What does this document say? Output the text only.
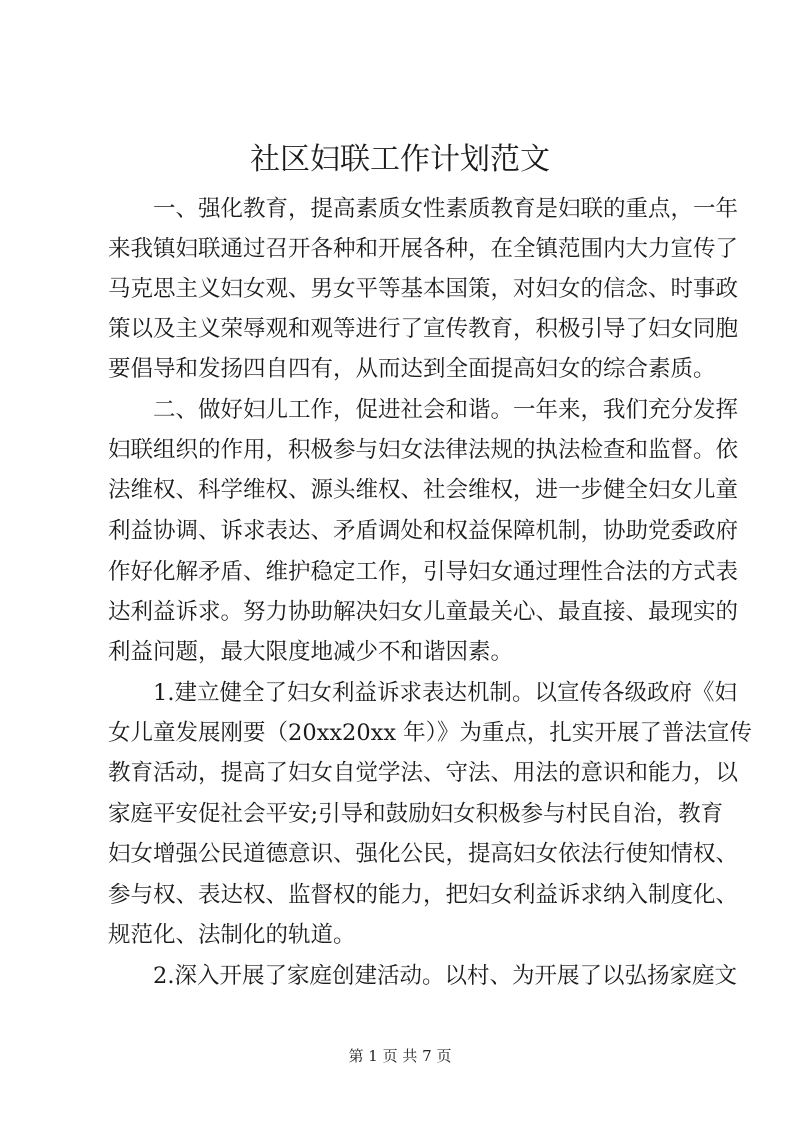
社区妇联工作计划范文
一、强化教育，提高素质女性素质教育是妇联的重点，一年
来我镇妇联通过召开各种和开展各种，在全镇范围内大力宣传了
马克思主义妇女观、男女平等基本国策，对妇女的信念、时事政
策以及主义荣辱观和观等进行了宣传教育，积极引导了妇女同胞
要倡导和发扬四自四有，从而达到全面提高妇女的综合素质。
二、做好妇儿工作，促进社会和谐。一年来，我们充分发挥
妇联组织的作用，积极参与妇女法律法规的执法检查和监督。依
法维权、科学维权、源头维权、社会维权，进一步健全妇女儿童
利益协调、诉求表达、矛盾调处和权益保障机制，协助党委政府
作好化解矛盾、维护稳定工作，引导妇女通过理性合法的方式表
达利益诉求。努力协助解决妇女儿童最关心、最直接、最现实的
利益问题，最大限度地减少不和谐因素。
1.建立健全了妇女利益诉求表达机制。以宣传各级政府《妇
女儿童发展刚要（20xx20xx 年）》为重点，扎实开展了普法宣传
教育活动，提高了妇女自觉学法、守法、用法的意识和能力，以
家庭平安促社会平安;引导和鼓励妇女积极参与村民自治，教育
妇女增强公民道德意识、强化公民，提高妇女依法行使知情权、
参与权、表达权、监督权的能力，把妇女利益诉求纳入制度化、
规范化、法制化的轨道。
2.深入开展了家庭创建活动。以村、为开展了以弘扬家庭文
第 1 页 共 7 页
